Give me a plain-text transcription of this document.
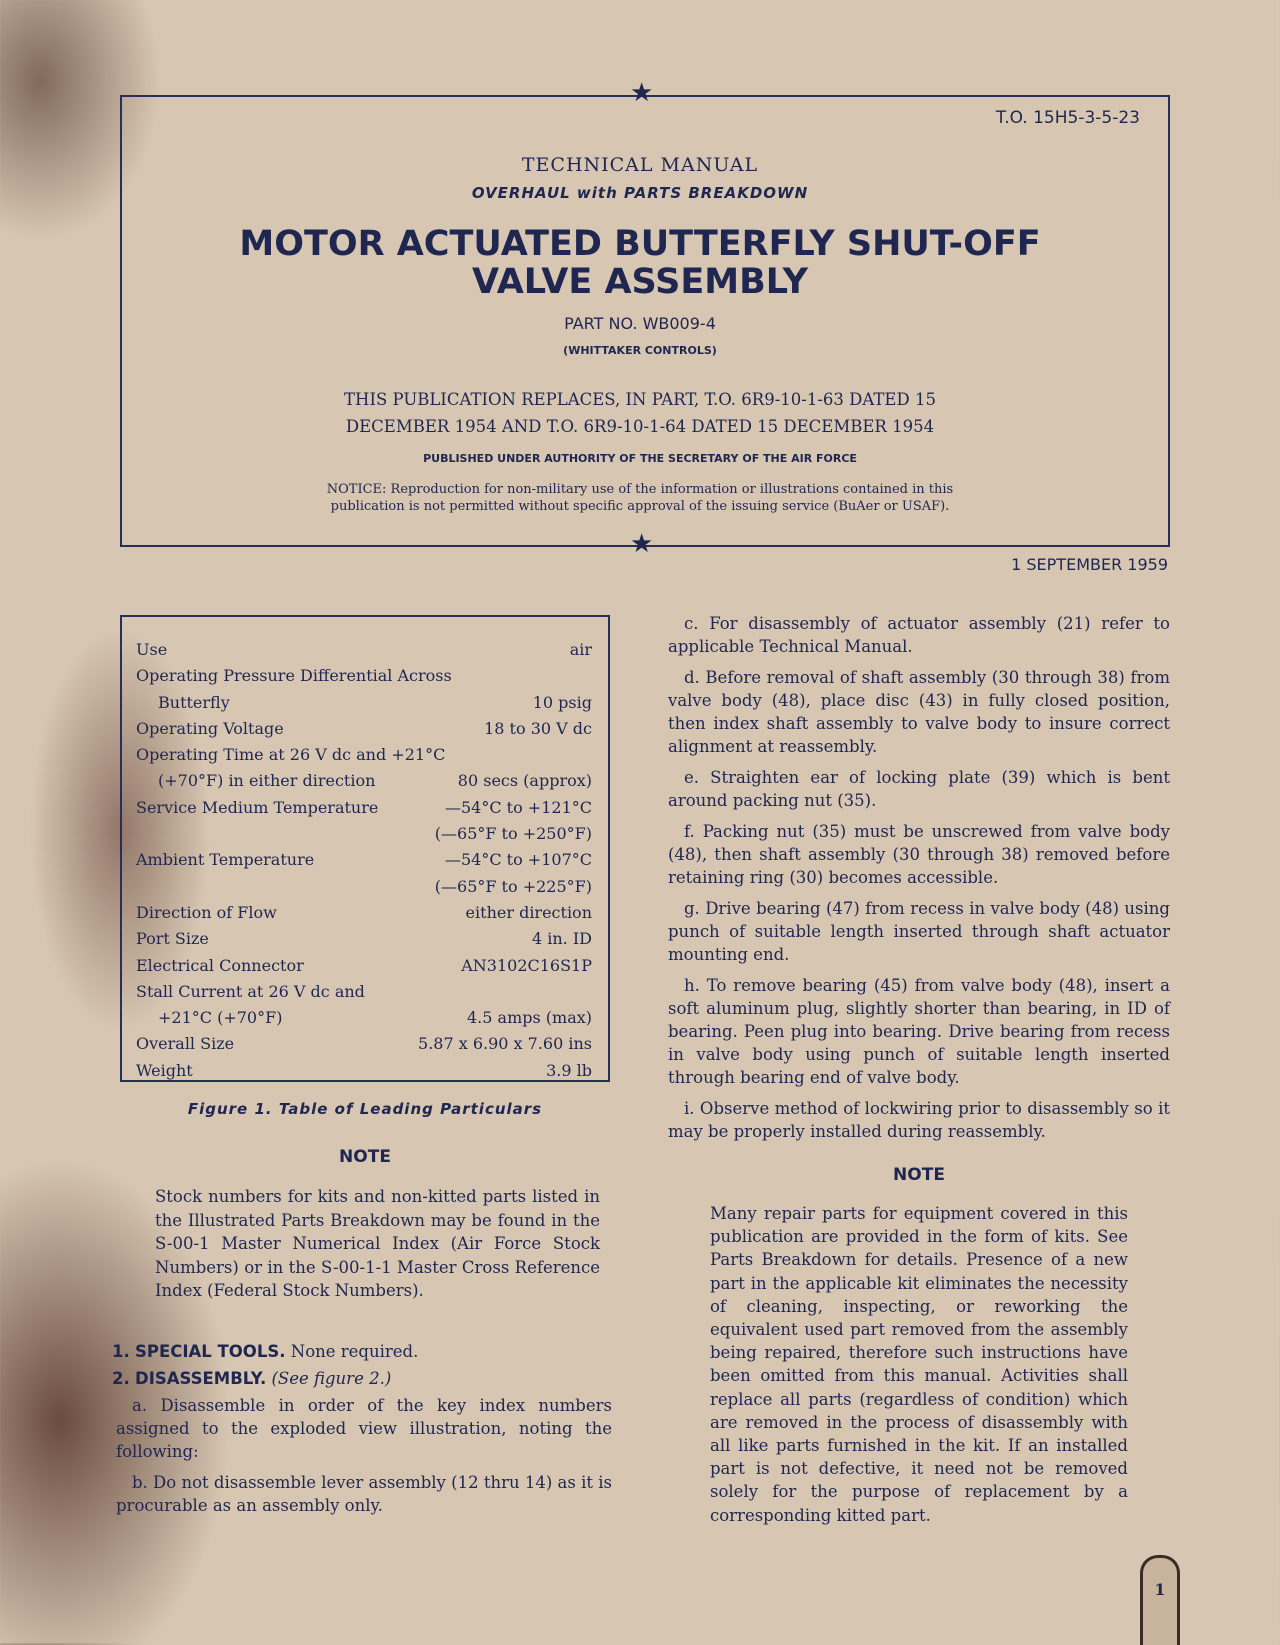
★
★
T.O. 15H5-3-5-23
TECHNICAL MANUAL
OVERHAUL with PARTS BREAKDOWN
MOTOR ACTUATED BUTTERFLY SHUT-OFF
VALVE ASSEMBLY
PART NO. WB009-4
(WHITTAKER CONTROLS)
THIS PUBLICATION REPLACES, IN PART, T.O. 6R9-10-1-63 DATED 15
DECEMBER 1954 AND T.O. 6R9-10-1-64 DATED 15 DECEMBER 1954
PUBLISHED UNDER AUTHORITY OF THE SECRETARY OF THE AIR FORCE
NOTICE: Reproduction for non-military use of the information or illustrations contained in this
publication is not permitted without specific approval of the issuing service (BuAer or USAF).
1 SEPTEMBER 1959
Use	air
Operating Pressure Differential Across
Butterfly	10 psig
Operating Voltage	18 to 30 V dc
Operating Time at 26 V dc and +21°C
(+70°F) in either direction	80 secs (approx)
Service Medium Temperature	—54°C to +121°C
(—65°F to +250°F)
Ambient Temperature	—54°C to +107°C
(—65°F to +225°F)
Direction of Flow	either direction
Port Size	4 in. ID
Electrical Connector	AN3102C16S1P
Stall Current at 26 V dc and
+21°C (+70°F)	4.5 amps (max)
Overall Size	5.87 x 6.90 x 7.60 ins
Weight	3.9 lb
Figure 1. Table of Leading Particulars
NOTE
Stock numbers for kits and non-kitted parts listed in the Illustrated Parts Breakdown may be found in the S-00-1 Master Numerical Index (Air Force Stock Numbers) or in the S-00-1-1 Master Cross Reference Index (Federal Stock Numbers).
1. SPECIAL TOOLS. None required.
2. DISASSEMBLY. (See figure 2.)

a. Disassemble in order of the key index numbers assigned to the exploded view illustration, noting the following:

b. Do not disassemble lever assembly (12 thru 14) as it is procurable as an assembly only.

c. For disassembly of actuator assembly (21) refer to applicable Technical Manual.

d. Before removal of shaft assembly (30 through 38) from valve body (48), place disc (43) in fully closed position, then index shaft assembly to valve body to insure correct alignment at reassembly.

e. Straighten ear of locking plate (39) which is bent around packing nut (35).

f. Packing nut (35) must be unscrewed from valve body (48), then shaft assembly (30 through 38) removed before retaining ring (30) becomes accessible.

g. Drive bearing (47) from recess in valve body (48) using punch of suitable length inserted through shaft actuator mounting end.

h. To remove bearing (45) from valve body (48), insert a soft aluminum plug, slightly shorter than bearing, in ID of bearing. Peen plug into bearing. Drive bearing from recess in valve body using punch of suitable length inserted through bearing end of valve body.

i. Observe method of lockwiring prior to disassembly so it may be properly installed during reassembly.

NOTE
Many repair parts for equipment covered in this publication are provided in the form of kits. See Parts Breakdown for details. Presence of a new part in the applicable kit eliminates the necessity of cleaning, inspecting, or reworking the equivalent used part removed from the assembly being repaired, therefore such instructions have been omitted from this manual. Activities shall replace all parts (regardless of condition) which are removed in the process of disassembly with all like parts furnished in the kit. If an installed part is not defective, it need not be removed solely for the purpose of replacement by a corresponding kitted part.
1
